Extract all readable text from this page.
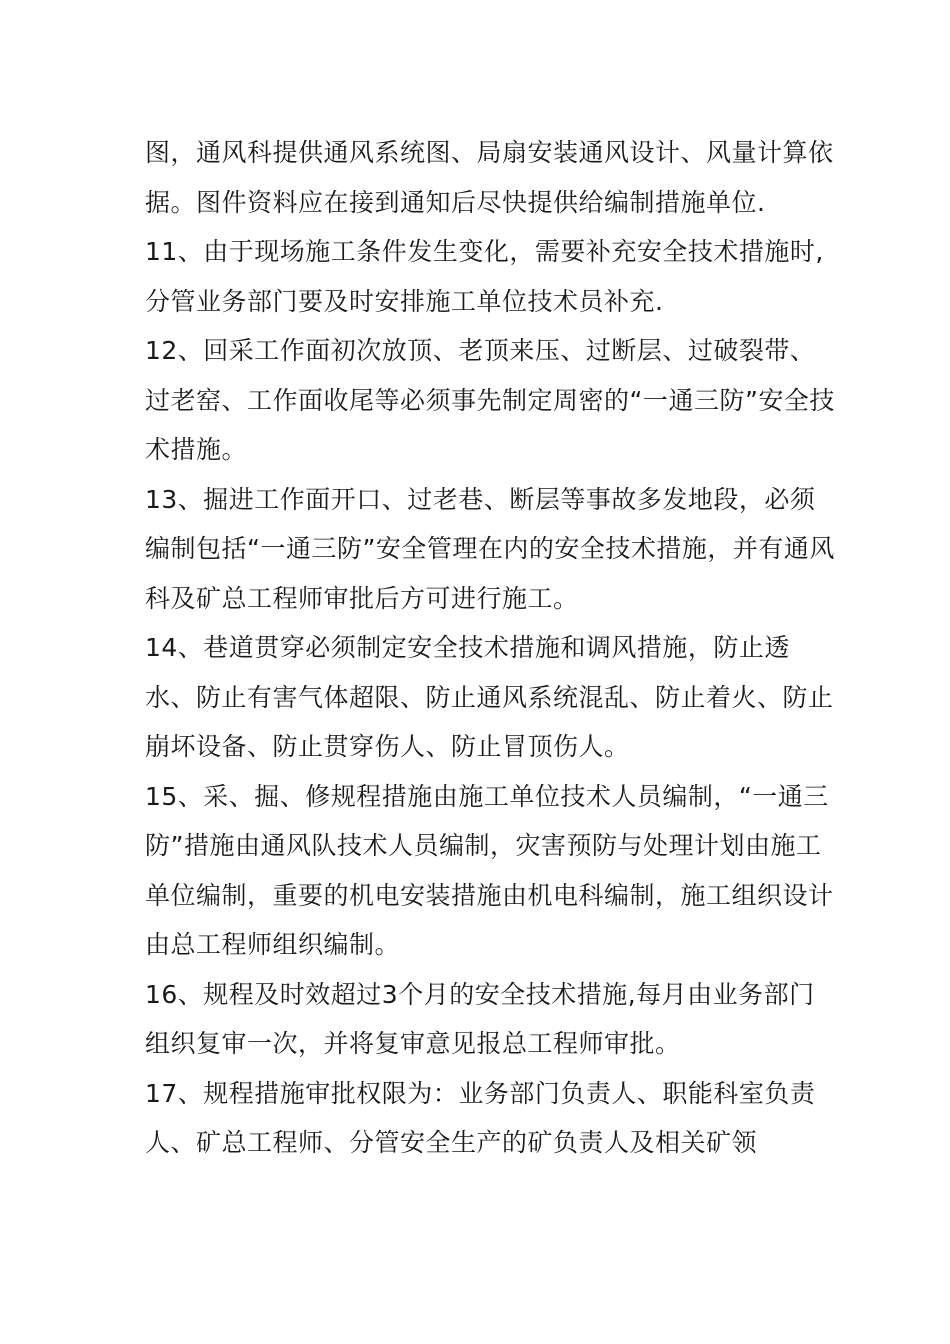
图，通风科提供通风系统图、局扇安装通风设计、风量计算依据。图件资料应在接到通知后尽快提供给编制措施单位.

11、由于现场施工条件发生变化，需要补充安全技术措施时,分管业务部门要及时安排施工单位技术员补充.

12、回采工作面初次放顶、老顶来压、过断层、过破裂带、过老窑、工作面收尾等必须事先制定周密的“一通三防”安全技术措施。

13、掘进工作面开口、过老巷、断层等事故多发地段，必须编制包括“一通三防”安全管理在内的安全技术措施，并有通风科及矿总工程师审批后方可进行施工。

14、巷道贯穿必须制定安全技术措施和调风措施，防止透水、防止有害气体超限、防止通风系统混乱、防止着火、防止崩坏设备、防止贯穿伤人、防止冒顶伤人。

15、采、掘、修规程措施由施工单位技术人员编制，“一通三防”措施由通风队技术人员编制，灾害预防与处理计划由施工单位编制，重要的机电安装措施由机电科编制，施工组织设计由总工程师组织编制。

16、规程及时效超过3个月的安全技术措施,每月由业务部门组织复审一次，并将复审意见报总工程师审批。

17、规程措施审批权限为：业务部门负责人、职能科室负责人、矿总工程师、分管安全生产的矿负责人及相关矿领
